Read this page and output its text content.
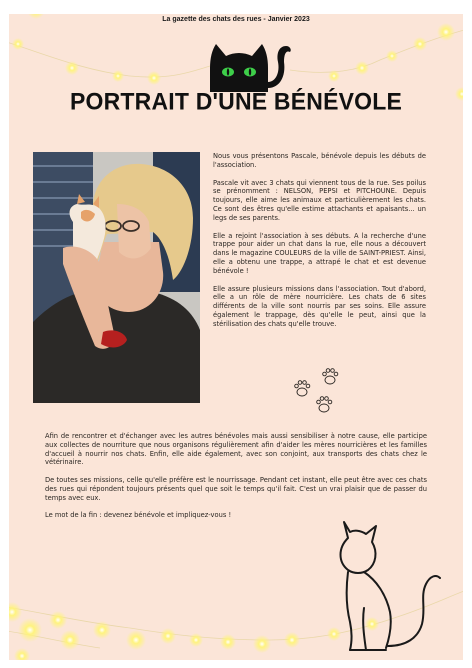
La gazette des chats des rues - Janvier 2023
PORTRAIT D'UNE BÉNÉVOLE

Nous vous présentons Pascale, bénévole depuis les débuts de l'association.

Pascale vit avec 3 chats qui viennent tous de la rue. Ses poilus se prénomment : NELSON, PEPSI et PITCHOUNE. Depuis toujours, elle aime les animaux et particulièrement les chats. Ce sont des êtres qu'elle estime attachants et apaisants... un legs de ses parents.

Elle a rejoint l'association à ses débuts. A la recherche d'une trappe pour aider un chat dans la rue, elle nous a découvert dans le magazine COULEURS de la ville de SAINT-PRIEST. Ainsi, elle a obtenu une trappe, a attrapé le chat et est devenue bénévole !

Elle assure plusieurs missions dans l'association. Tout d'abord, elle a un rôle de mère nourricière. Les chats de 6 sites différents de la ville sont nourris par ses soins. Elle assure également le trappage, dès qu'elle le peut, ainsi que la stérilisation des chats qu'elle trouve.

Afin de rencontrer et d'échanger avec les autres bénévoles mais aussi sensibiliser à notre cause, elle participe aux collectes de nourriture que nous organisons régulièrement afin d'aider les mères nourricières et les familles d'accueil à nourrir nos chats. Enfin, elle aide également, avec son conjoint, aux transports des chats chez le vétérinaire.

De toutes ses missions, celle qu'elle préfère est le nourrissage. Pendant cet instant, elle peut être avec ces chats des rues qui répondent toujours présents quel que soit le temps qu'il fait. C'est un vrai plaisir que de passer du temps avec eux.

Le mot de la fin : devenez bénévole et impliquez-vous !
